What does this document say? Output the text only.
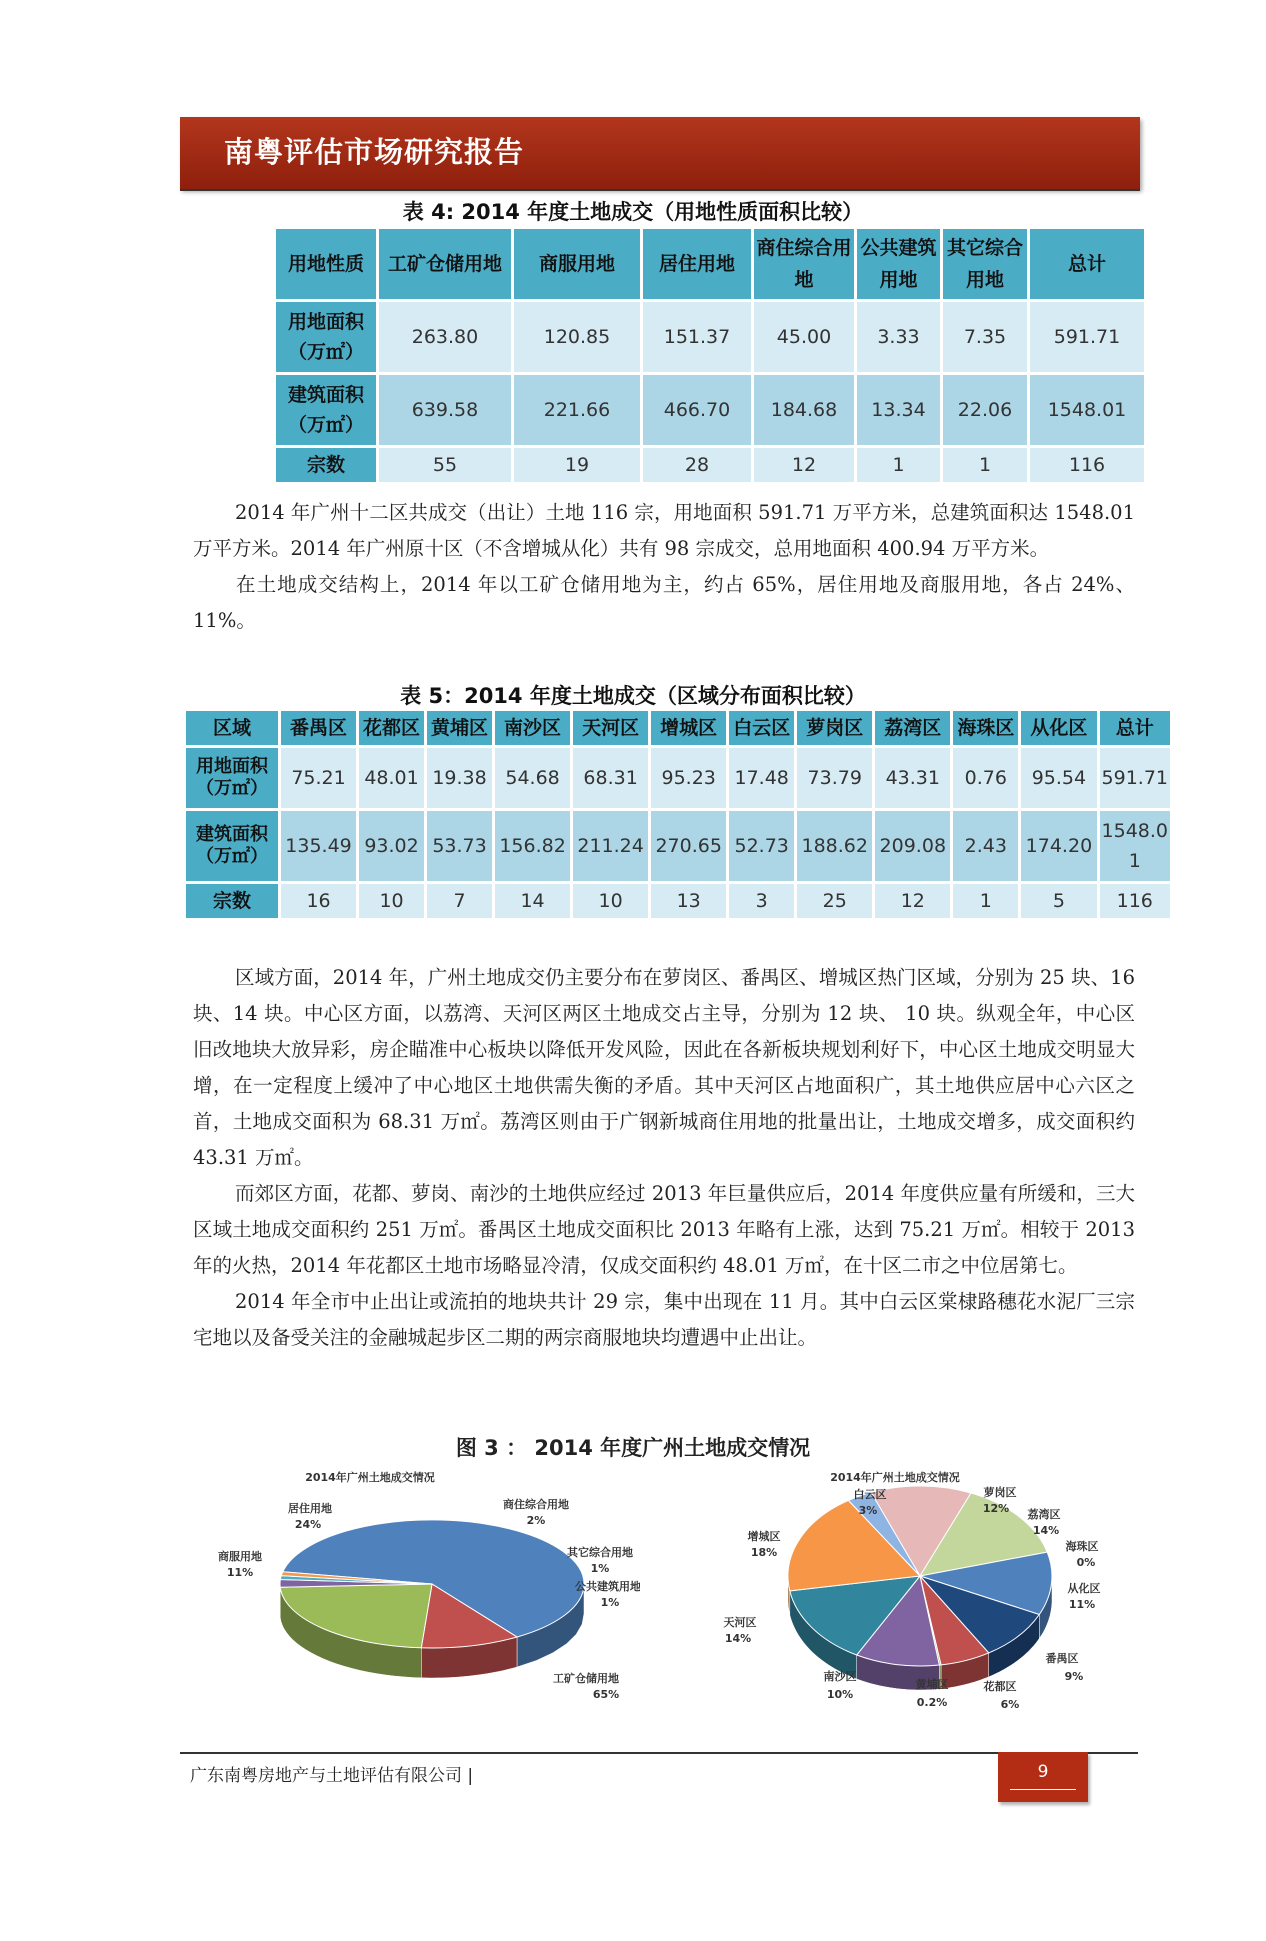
南粤评估市场研究报告
表 4: 2014 年度土地成交（用地性质面积比较）
用地性质	工矿仓储用地	商服用地	居住用地	商住综合用地	公共建筑用地	其它综合用地	总计
用地面积（万㎡）	263.80	120.85	151.37	45.00	3.33	7.35	591.71
建筑面积（万㎡）	639.58	221.66	466.70	184.68	13.34	22.06	1548.01
宗数	55	19	28	12	1	1	116
2014 年广州十二区共成交（出让）土地 116 宗，用地面积 591.71 万平方米，总建筑面积达 1548.01 万平方米。2014 年广州原十区（不含增城从化）共有 98 宗成交，总用地面积 400.94 万平方米。
在土地成交结构上，2014 年以工矿仓储用地为主，约占 65%，居住用地及商服用地，各占 24%、11%。
表 5：2014 年度土地成交（区域分布面积比较）
区域	番禺区	花都区	黄埔区	南沙区	天河区	增城区	白云区	萝岗区	荔湾区	海珠区	从化区	总计
用地面积（万㎡）	75.21	48.01	19.38	54.68	68.31	95.23	17.48	73.79	43.31	0.76	95.54	591.71
建筑面积（万㎡）	135.49	93.02	53.73	156.82	211.24	270.65	52.73	188.62	209.08	2.43	174.20	1548.01
宗数	16	10	7	14	10	13	3	25	12	1	5	116
区域方面，2014 年，广州土地成交仍主要分布在萝岗区、番禺区、增城区热门区域，分别为 25 块、16 块、14 块。中心区方面，以荔湾、天河区两区土地成交占主导，分别为 12 块、 10 块。纵观全年，中心区旧改地块大放异彩，房企瞄准中心板块以降低开发风险，因此在各新板块规划利好下，中心区土地成交明显大增，在一定程度上缓冲了中心地区土地供需失衡的矛盾。其中天河区占地面积广，其土地供应居中心六区之首，土地成交面积为 68.31 万㎡。荔湾区则由于广钢新城商住用地的批量出让，土地成交增多，成交面积约 43.31 万㎡。
而郊区方面，花都、萝岗、南沙的土地供应经过 2013 年巨量供应后，2014 年度供应量有所缓和，三大区域土地成交面积约 251 万㎡。番禺区土地成交面积比 2013 年略有上涨，达到 75.21 万㎡。相较于 2013 年的火热，2014 年花都区土地市场略显冷清，仅成交面积约 48.01 万㎡，在十区二市之中位居第七。
2014 年全市中止出让或流拍的地块共计 29 宗，集中出现在 11 月。其中白云区棠棣路穗花水泥厂三宗宅地以及备受关注的金融城起步区二期的两宗商服地块均遭遇中止出让。
图 3 ： 2014 年度广州土地成交情况
2014年广州土地成交情况
工矿仓储用地
65%
商服用地
11%
居住用地
24%
商住综合用地
2%
其它综合用地
1%
公共建筑用地
1%
2014年广州土地成交情况
萝岗区
12% 荔湾区
14%
海珠区
0%
从化区
11%
番禺区
9%
花都区
6%
黄埔区
0.2%
南沙区
10%
天河区
14%
增城区
18%
白云区
3%
广东南粤房地产与土地评估有限公司 |	9
